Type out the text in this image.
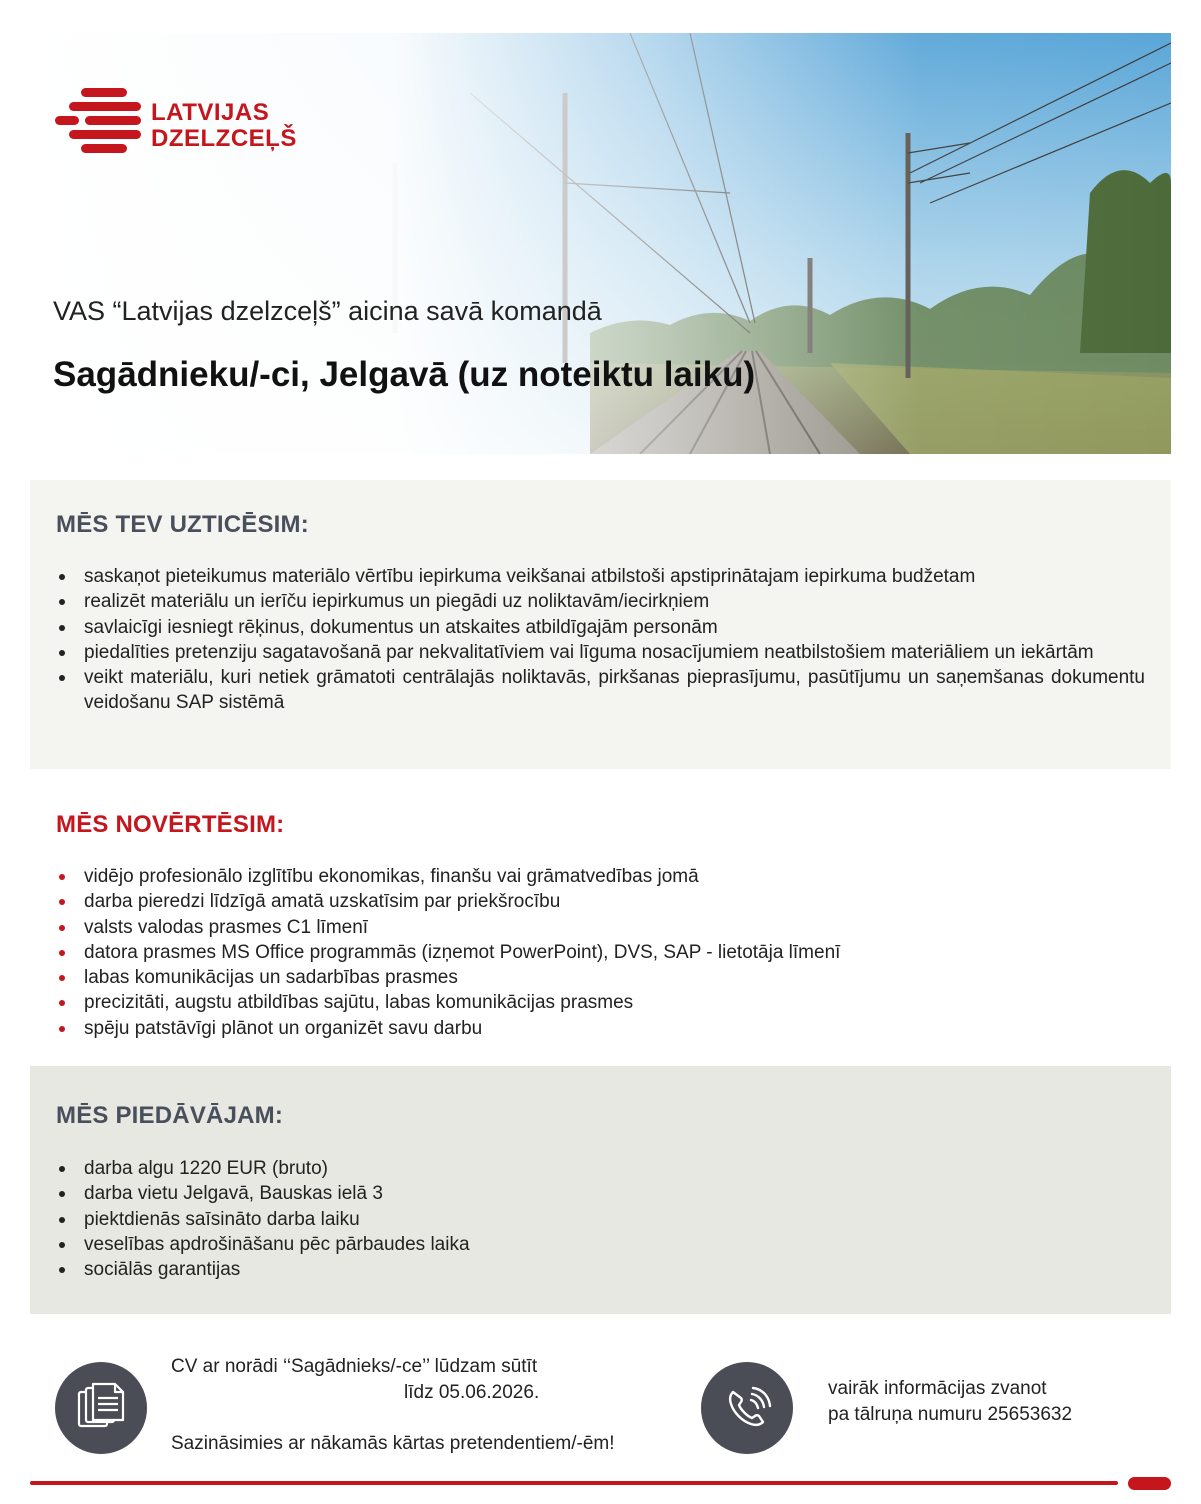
LATVIJAS
DZELZCEĻŠ
VAS “Latvijas dzelzceļš” aicina savā komandā
Sagādnieku/-ci, Jelgavā (uz noteiktu laiku)
MĒS TEV UZTICĒSIM:
saskaņot pieteikumus materiālo vērtību iepirkuma veikšanai atbilstoši apstiprinātajam iepirkuma budžetam
realizēt materiālu un ierīču iepirkumus un piegādi uz noliktavām/iecirkņiem
savlaicīgi iesniegt rēķinus, dokumentus un atskaites atbildīgajām personām
piedalīties pretenziju sagatavošanā par nekvalitatīviem vai līguma nosacījumiem neatbilstošiem materiāliem un iekārtām
veikt materiālu, kuri netiek grāmatoti centrālajās noliktavās, pirkšanas pieprasījumu, pasūtījumu un saņemšanas dokumentu veidošanu SAP sistēmā
MĒS NOVĒRTĒSIM:
vidējo profesionālo izglītību ekonomikas, finanšu vai grāmatvedības jomā
darba pieredzi līdzīgā amatā uzskatīsim par priekšrocību
valsts valodas prasmes C1 līmenī
datora prasmes MS Office programmās (izņemot PowerPoint), DVS, SAP - lietotāja līmenī
labas komunikācijas un sadarbības prasmes
precizitāti, augstu atbildības sajūtu, labas komunikācijas prasmes
spēju patstāvīgi plānot un organizēt savu darbu
MĒS PIEDĀVĀJAM:
darba algu 1220 EUR (bruto)
darba vietu Jelgavā, Bauskas ielā 3
piektdienās saīsināto darba laiku
veselības apdrošināšanu pēc pārbaudes laika
sociālās garantijas
CV ar norādi ‘‘Sagādnieks/-ce’’ lūdzam sūtīt
līdz 05.06.2026.
Sazināsimies ar nākamās kārtas pretendentiem/-ēm!
vairāk informācijas zvanot
pa tālruņa numuru 25653632
